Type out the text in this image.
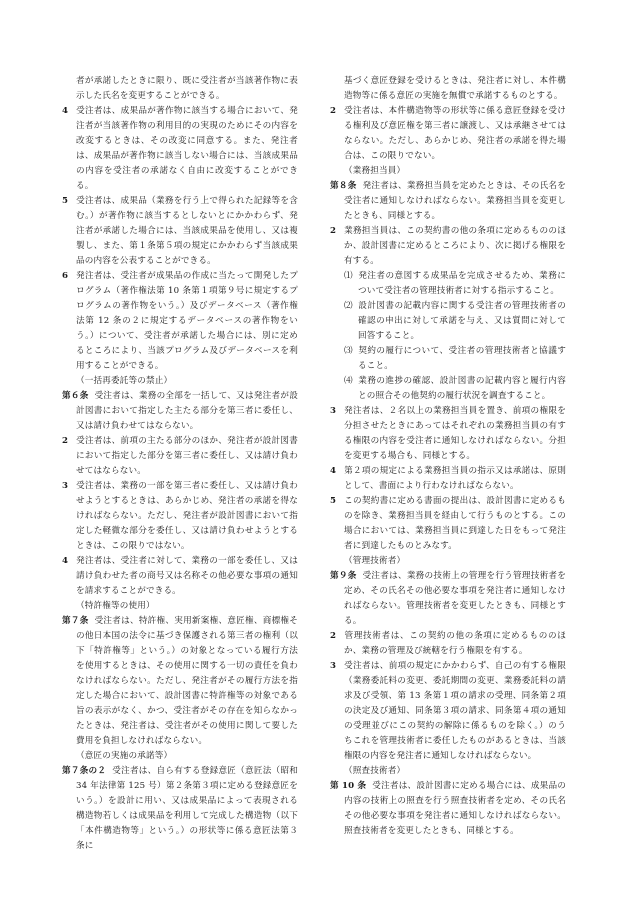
者が承諾したときに限り、既に受注者が当該著作物に表示した氏名を変更することができる。
4 受注者は、成果品が著作物に該当する場合において、発注者が当該著作物の利用目的の実現のためにその内容を改変するときは、その改変に同意する。また、発注者は、成果品が著作物に該当しない場合には、当該成果品の内容を受注者の承諾なく自由に改変することができる。
5 受注者は、成果品（業務を行う上で得られた記録等を含む。）が著作物に該当するとしないとにかかわらず、発注者が承諾した場合には、当該成果品を使用し、又は複製し、また、第１条第５項の規定にかかわらず当該成果品の内容を公表することができる。
6 発注者は、受注者が成果品の作成に当たって開発したプログラム（著作権法第 10 条第１項第９号に規定するプログラムの著作物をいう。）及びデータベース（著作権法第 12 条の２に規定するデータベースの著作物をいう。）について、受注者が承諾した場合には、別に定めるところにより、当該プログラム及びデータベースを利用することができる。
（一括再委託等の禁止）
第６条 受注者は、業務の全部を一括して、又は発注者が設計図書において指定した主たる部分を第三者に委任し、又は請け負わせてはならない。
2 受注者は、前項の主たる部分のほか、発注者が設計図書において指定した部分を第三者に委任し、又は請け負わせてはならない。
3 受注者は、業務の一部を第三者に委任し、又は請け負わせようとするときは、あらかじめ、発注者の承諾を得なければならない。ただし、発注者が設計図書において指定した軽微な部分を委任し、又は請け負わせようとするときは、この限りではない。
4 発注者は、受注者に対して、業務の一部を委任し、又は請け負わせた者の商号又は名称その他必要な事項の通知を請求することができる。
（特許権等の使用）
第７条 受注者は、特許権、実用新案権、意匠権、商標権その他日本国の法令に基づき保護される第三者の権利（以下「特許権等」という。）の対象となっている履行方法を使用するときは、その使用に関する一切の責任を負わなければならない。ただし、発注者がその履行方法を指定した場合において、設計図書に特許権等の対象である旨の表示がなく、かつ、受注者がその存在を知らなかったときは、発注者は、受注者がその使用に関して要した費用を負担しなければならない。
（意匠の実施の承諾等）
第７条の２ 受注者は、自ら有する登録意匠（意匠法（昭和 34 年法律第 125 号）第２条第３項に定める登録意匠をいう。）を設計に用い、又は成果品によって表現される構造物若しくは成果品を利用して完成した構造物（以下「本件構造物等」という。）の形状等に係る意匠法第３条に
基づく意匠登録を受けるときは、発注者に対し、本件構造物等に係る意匠の実施を無償で承諾するものとする。
2 受注者は、本件構造物等の形状等に係る意匠登録を受ける権利及び意匠権を第三者に譲渡し、又は承継させてはならない。ただし、あらかじめ、発注者の承諾を得た場合は、この限りでない。
（業務担当員）
第８条 発注者は、業務担当員を定めたときは、その氏名を受注者に通知しなければならない。業務担当員を変更したときも、同様とする。
2 業務担当員は、この契約書の他の条項に定めるもののほか、設計図書に定めるところにより、次に掲げる権限を有する。
⑴ 発注者の意図する成果品を完成させるため、業務について受注者の管理技術者に対する指示すること。
⑵ 設計図書の記載内容に関する受注者の管理技術者の確認の申出に対して承諾を与え、又は質問に対して回答すること。
⑶ 契約の履行について、受注者の管理技術者と協議すること。
⑷ 業務の進捗の確認、設計図書の記載内容と履行内容との照合その他契約の履行状況を調査すること。
3 発注者は、２名以上の業務担当員を置き、前項の権限を分担させたときにあってはそれぞれの業務担当員の有する権限の内容を受注者に通知しなければならない。分担を変更する場合も、同様とする。
4 第２項の規定による業務担当員の指示又は承諾は、原則として、書面により行わなければならない。
5 この契約書に定める書面の提出は、設計図書に定めるものを除き、業務担当員を経由して行うものとする。この場合においては、業務担当員に到達した日をもって発注者に到達したものとみなす。
（管理技術者）
第９条 受注者は、業務の技術上の管理を行う管理技術者を定め、その氏名その他必要な事項を発注者に通知しなければならない。管理技術者を変更したときも、同様とする。
2 管理技術者は、この契約の他の条項に定めるもののほか、業務の管理及び統轄を行う権限を有する。
3 受注者は、前項の規定にかかわらず、自己の有する権限（業務委託料の変更、委託期間の変更、業務委託料の請求及び受領、第 13 条第１項の請求の受理、同条第２項の決定及び通知、同条第３項の請求、同条第４項の通知の受理並びにこの契約の解除に係るものを除く。）のうちこれを管理技術者に委任したものがあるときは、当該権限の内容を発注者に通知しなければならない。
（照査技術者）
第 10 条 受注者は、設計図書に定める場合には、成果品の内容の技術上の照査を行う照査技術者を定め、その氏名その他必要な事項を発注者に通知しなければならない。照査技術者を変更したときも、同様とする。
